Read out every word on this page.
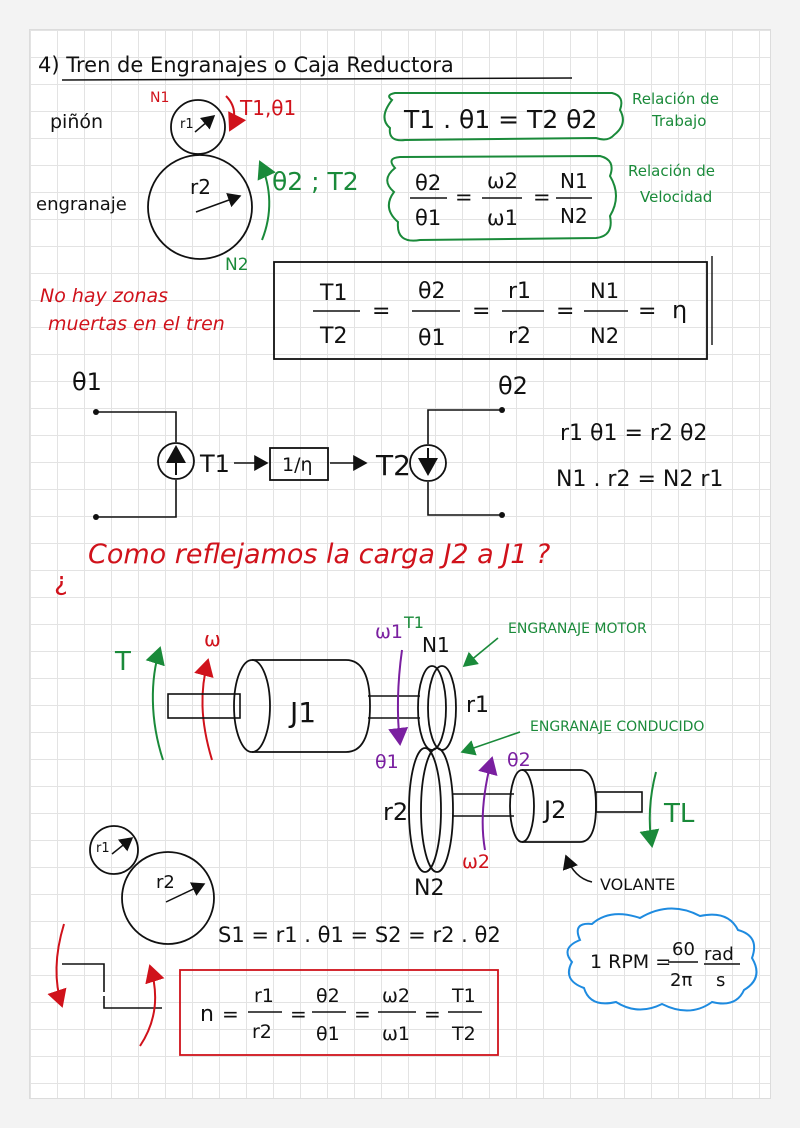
4) Tren de Engranajes o Caja Reductora
piñón
engranaje
N1	T1,θ1
r1
r2 θ2 ; T2
N2
T1 . θ1 = T2 θ2
Relación de
Trabajo
θ2
θ1
=
ω2
ω1
=
N1
N2
Relación de
Velocidad
No hay zonas
muertas en el tren
T1
T2
=
θ2
θ1
=
r1
r2
=
N1
N2
= η
θ1
T1	1/η T2
θ2
r1 θ1 = r2 θ2
N1 . r2 = N2 r1
¿
Como reflejamos la carga J2 a J1 ?
T
ω
J1
ω1 T1
N1
θ1
r1
ENGRANAJE MOTOR
ENGRANAJE CONDUCIDO
r2
N2
θ2
ω2
J2	TL
VOLANTE
r1
r2
S1 = r1 . θ1 = S2 = r2 . θ2
n =
r1
r2
=
θ2
θ1
=
ω2
ω1
=
T1
T2
1 RPM =
60
2π
rad
s
